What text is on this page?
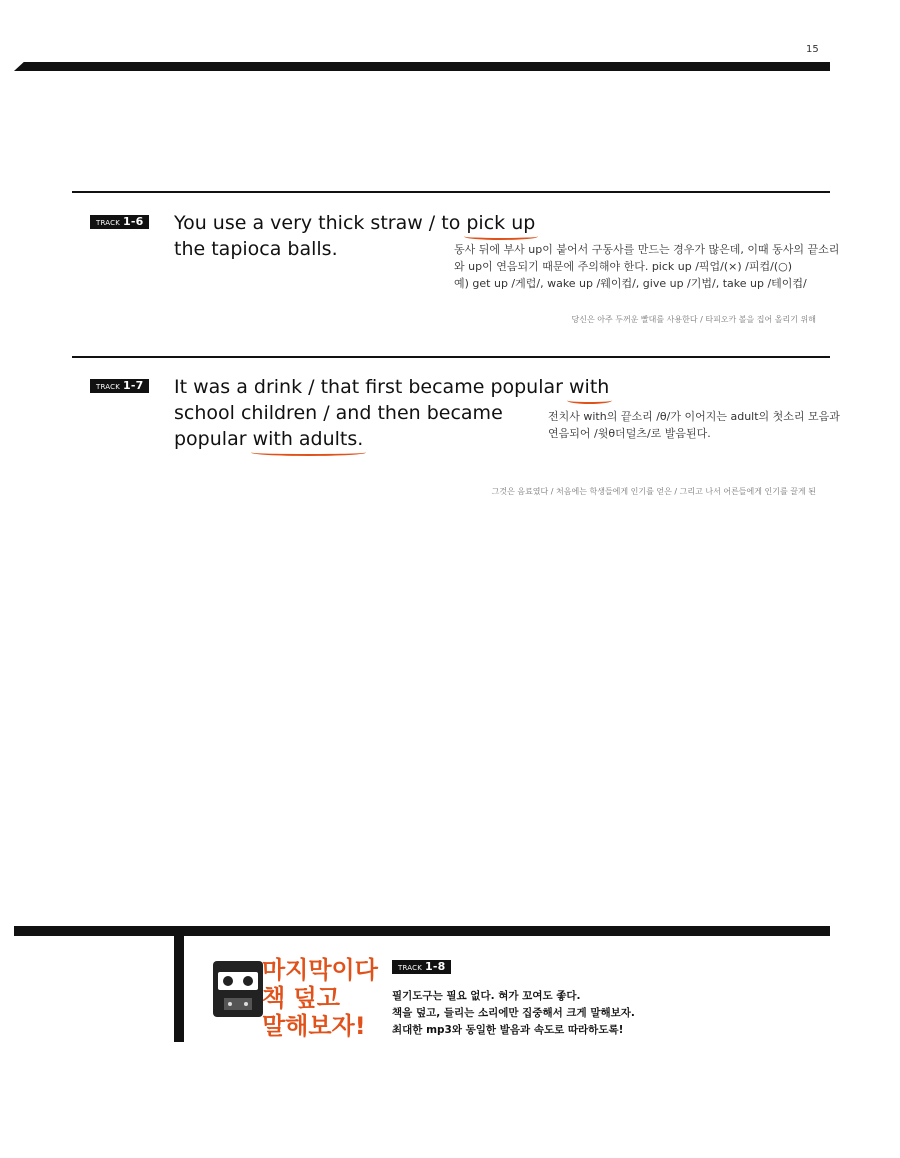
15
TRACK 1-6	You use a very thick straw / to pick up
the tapioca balls.	동사 뒤에 부사 up이 붙어서 구동사를 만드는 경우가 많은데, 이때 동사의 끝소리
와 up이 연음되기 때문에 주의해야 한다. pick up /픽업/(×) /피컵/(○)
예) get up /게럽/, wake up /웨이컵/, give up /기법/, take up /테이컵/
당신은 아주 두꺼운 빨대를 사용한다 / 타피오카 볼을 집어 올리기 위해
TRACK 1-7	It was a drink / that first became popular with
school children / and then became
popular with adults.
전치사 with의 끝소리 /θ/가 이어지는 adult의 첫소리 모음과
연음되어 /윗θ더덜츠/로 발음된다.
그것은 음료였다 / 처음에는 학생들에게 인기를 얻은 / 그리고 나서 어른들에게 인기를 끌게 된
마지막이다
책 덮고
말해보자!
TRACK 1-8
필기도구는 필요 없다. 혀가 꼬여도 좋다.
책을 덮고, 들리는 소리에만 집중해서 크게 말해보자.
최대한 mp3와 동일한 발음과 속도로 따라하도록!
